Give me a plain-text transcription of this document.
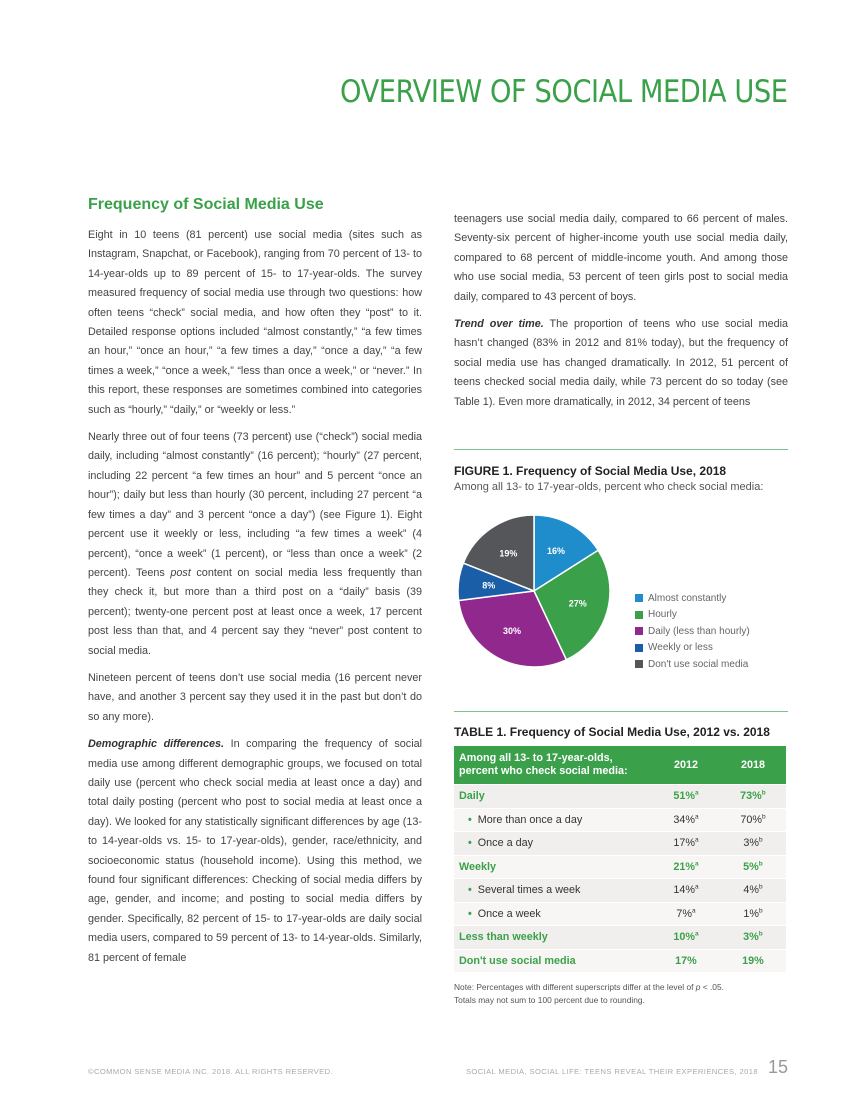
OVERVIEW OF SOCIAL MEDIA USE
Frequency of Social Media Use

Eight in 10 teens (81 percent) use social media (sites such as Instagram, Snapchat, or Facebook), ranging from 70 percent of 13- to 14-year-olds up to 89 percent of 15- to 17-year-olds. The survey measured frequency of social media use through two questions: how often teens “check” social media, and how often they “post” to it. Detailed response options included “almost constantly,” “a few times an hour,” “once an hour,” “a few times a day,” “once a day,” “a few times a week,” “once a week,” “less than once a week,” or “never.” In this report, these responses are sometimes combined into categories such as “hourly,” “daily,” or “weekly or less.”

Nearly three out of four teens (73 percent) use (“check”) social media daily, including “almost constantly” (16 percent); “hourly” (27 percent, including 22 percent “a few times an hour” and 5 percent “once an hour”); daily but less than hourly (30 percent, including 27 percent “a few times a day” and 3 percent “once a day”) (see Figure 1). Eight percent use it weekly or less, including “a few times a week” (4 percent), “once a week” (1 percent), or “less than once a week” (2 percent). Teens post content on social media less frequently than they check it, but more than a third post on a “daily” basis (39 percent); twenty-one percent post at least once a week, 17 percent post less than that, and 4 percent say they “never” post content to social media.

Nineteen percent of teens don’t use social media (16 percent never have, and another 3 percent say they used it in the past but don’t do so any more).

Demographic differences. In comparing the frequency of social media use among different demographic groups, we focused on total daily use (percent who check social media at least once a day) and total daily posting (percent who post to social media at least once a day). We looked for any statistically significant differences by age (13- to 14-year-olds vs. 15- to 17-year-olds), gender, race/ethnicity, and socioeconomic status (household income). Using this method, we found four significant differences: Checking of social media differs by age, gender, and income; and posting to social media differs by gender. Specifically, 82 percent of 15- to 17-year-olds are daily social media users, compared to 59 percent of 13- to 14-year-olds. Similarly, 81 percent of female

teenagers use social media daily, compared to 66 percent of males. Seventy-six percent of higher-income youth use social media daily, compared to 68 percent of middle-income youth. And among those who use social media, 53 percent of teen girls post to social media daily, compared to 43 percent of boys.

Trend over time. The proportion of teens who use social media hasn’t changed (83% in 2012 and 81% today), but the frequency of social media use has changed dramatically. In 2012, 51 percent of teens checked social media daily, while 73 percent do so today (see Table 1). Even more dramatically, in 2012, 34 percent of teens

FIGURE 1. Frequency of Social Media Use, 2018
Among all 13- to 17-year-olds, percent who check social media:
16%
27%
30%
8%
19%
Almost constantly
Hourly
Daily (less than hourly)
Weekly or less
Don't use social media
TABLE 1. Frequency of Social Media Use, 2012 vs. 2018
Among all 13- to 17-year-olds,
percent who check social media:	2012	2018
Daily	51%$^a$	73%$^b$
• More than once a day	34%$^a$	70%$^b$
• Once a day	17%$^a$	3%$^b$
Weekly	21%$^a$	5%$^b$
• Several times a week	14%$^a$	4%$^b$
• Once a week	7%$^a$	1%$^b$
Less than weekly	10%$^a$	3%$^b$
Don't use social media	17%	19%
Note: Percentages with different superscripts differ at the level of p < .05.
Totals may not sum to 100 percent due to rounding.
©COMMON SENSE MEDIA INC. 2018. ALL RIGHTS RESERVED.	SOCIAL MEDIA, SOCIAL LIFE: TEENS REVEAL THEIR EXPERIENCES, 2018 15
